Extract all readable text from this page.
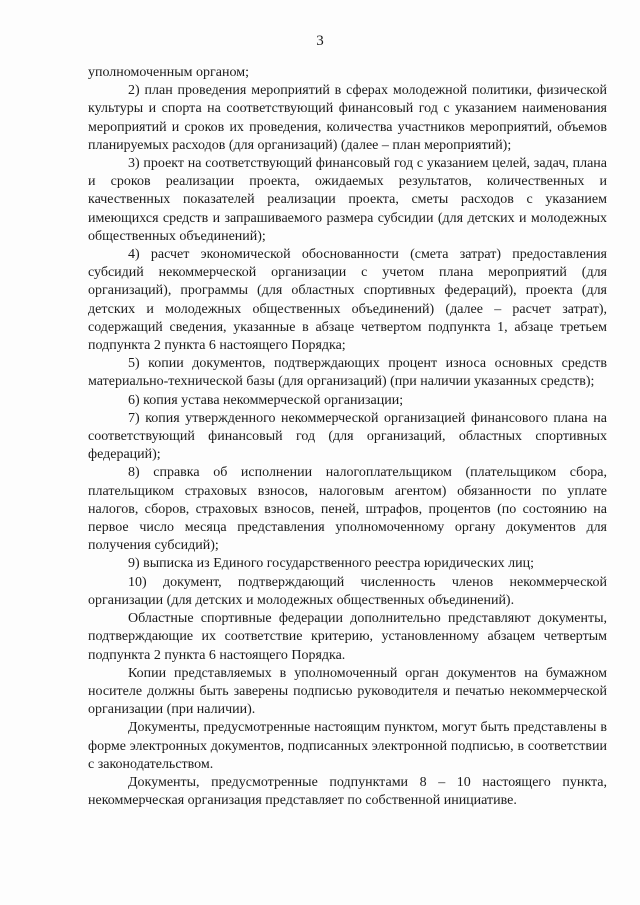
3

уполномоченным органом;

2) план проведения мероприятий в сферах молодежной политики, физической культуры и спорта на соответствующий финансовый год с указанием наименования мероприятий и сроков их проведения, количества участников мероприятий, объемов планируемых расходов (для организаций) (далее – план мероприятий);

3) проект на соответствующий финансовый год с указанием целей, задач, плана и сроков реализации проекта, ожидаемых результатов, количественных и качественных показателей реализации проекта, сметы расходов с указанием имеющихся средств и запрашиваемого размера субсидии (для детских и молодежных общественных объединений);

4) расчет экономической обоснованности (смета затрат) предоставления субсидий некоммерческой организации с учетом плана мероприятий (для организаций), программы (для областных спортивных федераций), проекта (для детских и молодежных общественных объединений) (далее – расчет затрат), содержащий сведения, указанные в абзаце четвертом подпункта 1, абзаце третьем подпункта 2 пункта 6 настоящего Порядка;

5) копии документов, подтверждающих процент износа основных средств материально-технической базы (для организаций) (при наличии указанных средств);

6) копия устава некоммерческой организации;

7) копия утвержденного некоммерческой организацией финансового плана на соответствующий финансовый год (для организаций, областных спортивных федераций);

8) справка об исполнении налогоплательщиком (плательщиком сбора, плательщиком страховых взносов, налоговым агентом) обязанности по уплате налогов, сборов, страховых взносов, пеней, штрафов, процентов (по состоянию на первое число месяца представления уполномоченному органу документов для получения субсидий);

9) выписка из Единого государственного реестра юридических лиц;

10) документ, подтверждающий численность членов некоммерческой организации (для детских и молодежных общественных объединений).

Областные спортивные федерации дополнительно представляют документы, подтверждающие их соответствие критерию, установленному абзацем четвертым подпункта 2 пункта 6 настоящего Порядка.

Копии представляемых в уполномоченный орган документов на бумажном носителе должны быть заверены подписью руководителя и печатью некоммерческой организации (при наличии).

Документы, предусмотренные настоящим пунктом, могут быть представлены в форме электронных документов, подписанных электронной подписью, в соответствии с законодательством.

Документы, предусмотренные подпунктами 8 – 10 настоящего пункта, некоммерческая организация представляет по собственной инициативе.
